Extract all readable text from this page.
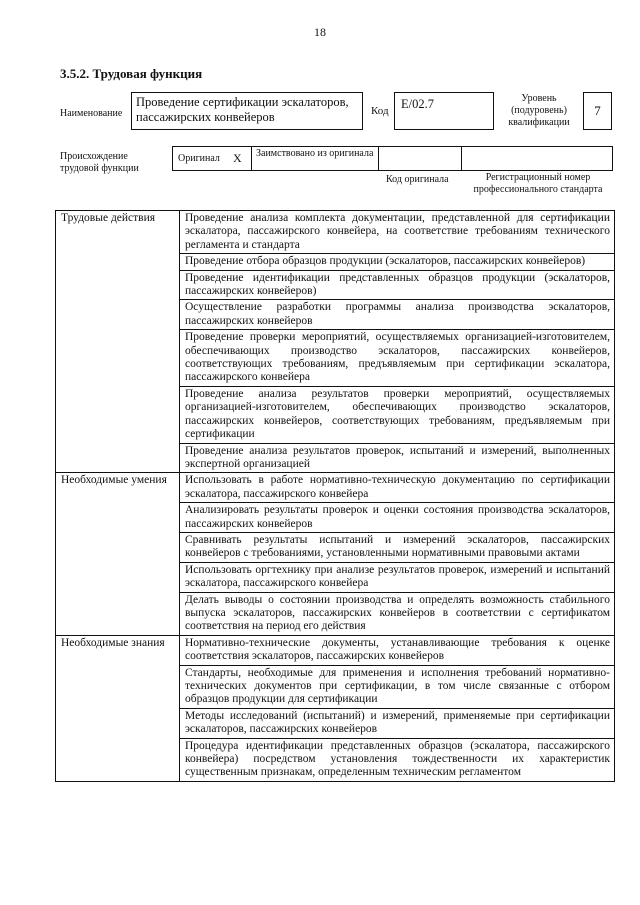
18
3.5.2. Трудовая функция
Наименование
Проведение сертификации эскалаторов, пассажирских конвейеров	Код E/02.7	Уровень (подуровень) квалификации
7
Происхождение трудовой функции
Оригинал X Заимствовано из оригинала
Код оригинала	Регистрационный номер профессионального стандарта
Трудовые действия	Проведение анализа комплекта документации, представленной для сертификации эскалатора, пассажирского конвейера, на соответствие требованиям технического регламента и стандарта
	Проведение отбора образцов продукции (эскалаторов, пассажирских конвейеров)
	Проведение идентификации представленных образцов продукции (эскалаторов, пассажирских конвейеров)
	Осуществление разработки программы анализа производства эскалаторов, пассажирских конвейеров
	Проведение проверки мероприятий, осуществляемых организацией-изготовителем, обеспечивающих производство эскалаторов, пассажирских конвейеров, соответствующих требованиям, предъявляемым при сертификации эскалатора, пассажирского конвейера
	Проведение анализа результатов проверки мероприятий, осуществляемых организацией-изготовителем, обеспечивающих производство эскалаторов, пассажирских конвейеров, соответствующих требованиям, предъявляемым при сертификации
	Проведение анализа результатов проверок, испытаний и измерений, выполненных экспертной организацией
Необходимые умения	Использовать в работе нормативно-техническую документацию по сертификации эскалатора, пассажирского конвейера
	Анализировать результаты проверок и оценки состояния производства эскалаторов, пассажирских конвейеров
	Сравнивать результаты испытаний и измерений эскалаторов, пассажирских конвейеров с требованиями, установленными нормативными правовыми актами
	Использовать оргтехнику при анализе результатов проверок, измерений и испытаний эскалатора, пассажирского конвейера
	Делать выводы о состоянии производства и определять возможность стабильного выпуска эскалаторов, пассажирских конвейеров в соответствии с сертификатом соответствия на период его действия
Необходимые знания	Нормативно-технические документы, устанавливающие требования к оценке соответствия эскалаторов, пассажирских конвейеров
	Стандарты, необходимые для применения и исполнения требований нормативно-технических документов при сертификации, в том числе связанные с отбором образцов продукции для сертификации
	Методы исследований (испытаний) и измерений, применяемые при сертификации эскалаторов, пассажирских конвейеров
	Процедура идентификации представленных образцов (эскалатора, пассажирского конвейера) посредством установления тождественности их характеристик существенным признакам, определенным техническим регламентом
